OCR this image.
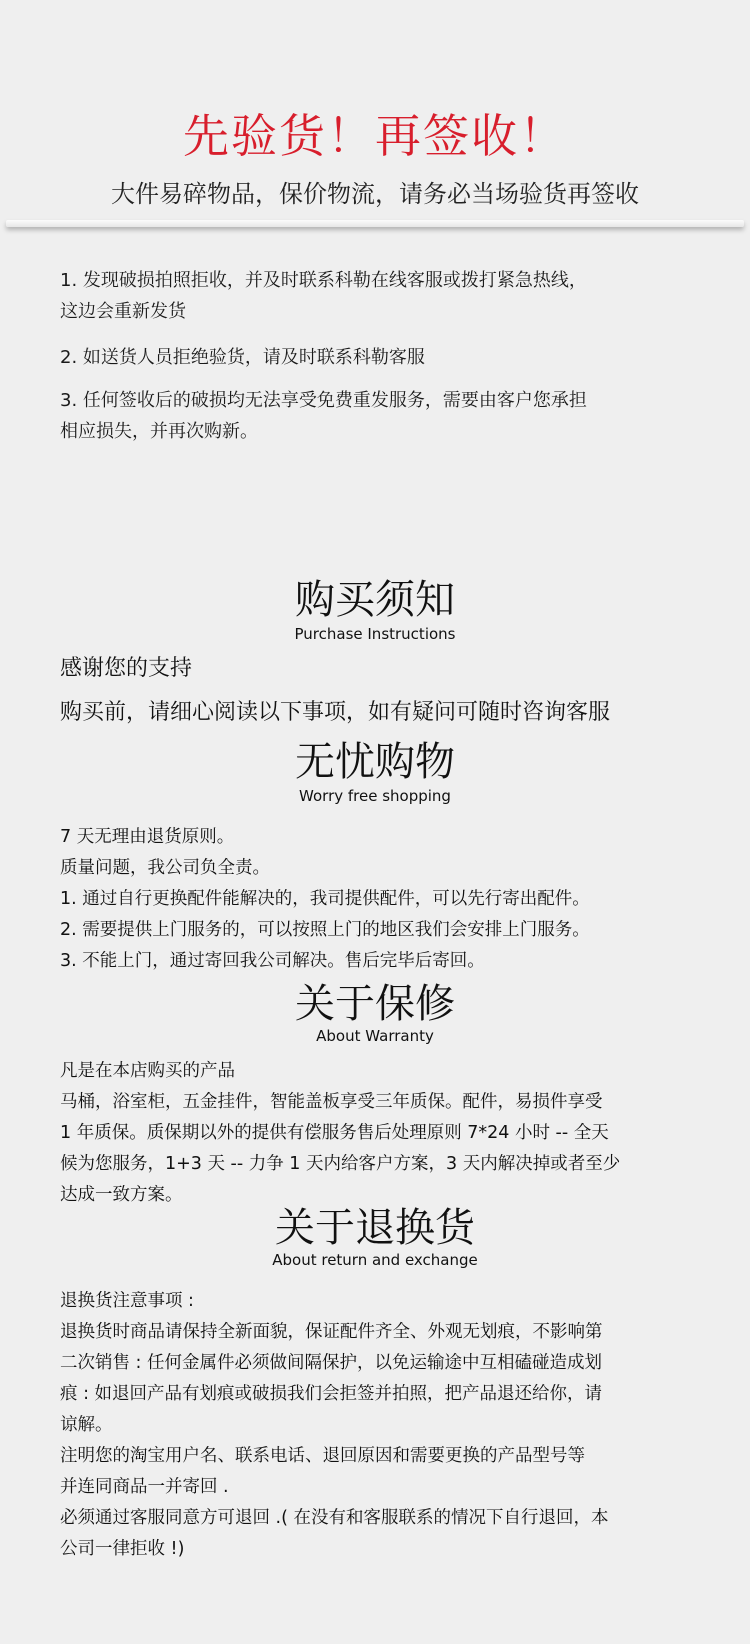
先验货！再签收！
大件易碎物品，保价物流，请务必当场验货再签收
1. 发现破损拍照拒收，并及时联系科勒在线客服或拨打紧急热线，
这边会重新发货
2. 如送货人员拒绝验货，请及时联系科勒客服
3. 任何签收后的破损均无法享受免费重发服务，需要由客户您承担
相应损失，并再次购新。
购买须知
Purchase Instructions
感谢您的支持
购买前，请细心阅读以下事项，如有疑问可随时咨询客服
无忧购物
Worry free shopping
7 天无理由退货原则。
质量问题，我公司负全责。
1. 通过自行更换配件能解决的，我司提供配件，可以先行寄出配件。
2. 需要提供上门服务的，可以按照上门的地区我们会安排上门服务。
3. 不能上门，通过寄回我公司解决。售后完毕后寄回。
关于保修
About Warranty
凡是在本店购买的产品
马桶，浴室柜，五金挂件，智能盖板享受三年质保。配件，易损件享受
1 年质保。质保期以外的提供有偿服务售后处理原则 7*24 小时 -- 全天
候为您服务，1+3 天 -- 力争 1 天内给客户方案，3 天内解决掉或者至少
达成一致方案。
关于退换货
About return and exchange
退换货注意事项 :
退换货时商品请保持全新面貌，保证配件齐全、外观无划痕，不影响第
二次销售 : 任何金属件必须做间隔保护，以免运输途中互相磕碰造成划
痕 : 如退回产品有划痕或破损我们会拒签并拍照，把产品退还给你，请
谅解。
注明您的淘宝用户名、联系电话、退回原因和需要更换的产品型号等
并连同商品一并寄回 .
必须通过客服同意方可退回 .( 在没有和客服联系的情况下自行退回，本
公司一律拒收 !)
